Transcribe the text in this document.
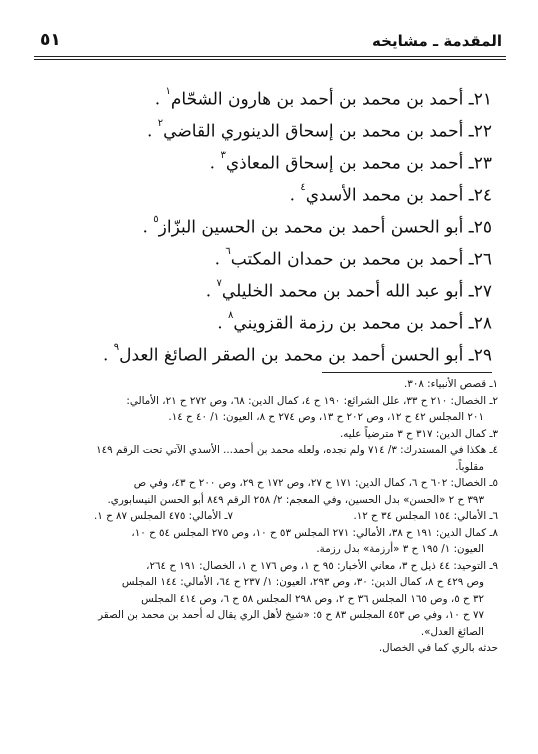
المقدمة ـ مشايخه
٥١
٢١ـ أحمد بن محمد بن أحمد بن هارون الشحّام$^١$ .
٢٢ـ أحمد بن محمد بن إسحاق الدينوري القاضي$^٢$ .
٢٣ـ أحمد بن محمد بن إسحاق المعاذي$^٣$ .
٢٤ـ أحمد بن محمد الأسدي$^٤$ .
٢٥ـ أبو الحسن أحمد بن محمد بن الحسين البزّاز$^٥$ .
٢٦ـ أحمد بن محمد بن حمدان المكتب$^٦$ .
٢٧ـ أبو عبد الله أحمد بن محمد الخليلي$^٧$ .
٢٨ـ أحمد بن محمد بن رزمة القزويني$^٨$ .
٢٩ـ أبو الحسن أحمد بن محمد بن الصقر الصائغ العدل$^٩$ .

١ـ قصص الأنبياء: ٣٠٨.

٢ـ الخصال: ٢١٠ ح ٣٣، علل الشرائع: ١٩٠ ح ٤، كمال الدين: ٦٨، وص ٢٧٢ ح ٢١، الأمالي:

٢٠١ المجلس ٤٢ ح ١٢، وص ٢٠٢ ح ١٣، وص ٢٧٤ ح ٨، العيون: ١/ ٤٠ ح ١٤.

٣ـ كمال الدين: ٣١٧ ح ٣ مترضياً عليه.

٤ـ هكذا في المستدرك: ٣/ ٧١٤ ولم نجده، ولعله محمد بن أحمد... الأسدي الآتي تحت الرقم ١٤٩

مقلوباً.

٥ـ الخصال: ٦٠٢ ح ٦، كمال الدين: ١٧١ ح ٢٧، وص ١٧٢ ح ٢٩، وص ٢٠٠ ح ٤٣، وفي ص

٣٩٣ ح ٢ «الحسن» بدل الحسين، وفي المعجم: ٢/ ٢٥٨ الرقم ٨٤٩ أبو الحسن النيسابوري.

٦ـ الأمالي: ١٥٤ المجلس ٣٤ ح ١٢.
٧ـ الأمالي: ٤٧٥ المجلس ٨٧ ح ١.

٨ـ كمال الدين: ١٩١ ح ٣٨، الأمالي: ٢٧١ المجلس ٥٣ ح ١٠، وص ٢٧٥ المجلس ٥٤ ح ١٠،

العيون: ١/ ١٩٥ ح ٣ «أرزمة» بدل رزمة.

٩ـ التوحيد: ٤٤ ذيل ح ٣، معاني الأخبار: ٩٥ ح ١، وص ١٧٦ ح ١، الخصال: ١٩١ ح ٢٦٤،

وص ٤٢٩ ح ٨، كمال الدين: ٣٠، وص ٢٩٣، العيون: ١/ ٢٣٧ ح ٦٤، الأمالي: ١٤٤ المجلس

٣٢ ح ٥، وص ١٦٥ المجلس ٣٦ ح ٢، وص ٢٩٨ المجلس ٥٨ ح ٦، وص ٤١٤ المجلس

٧٧ ح ١٠، وفي ص ٤٥٣ المجلس ٨٣ ح ٥: «شيخ لأهل الري يقال له أحمد بن محمد بن الصقر

الصائغ العدل».

حدثه بالري كما في الخصال.
